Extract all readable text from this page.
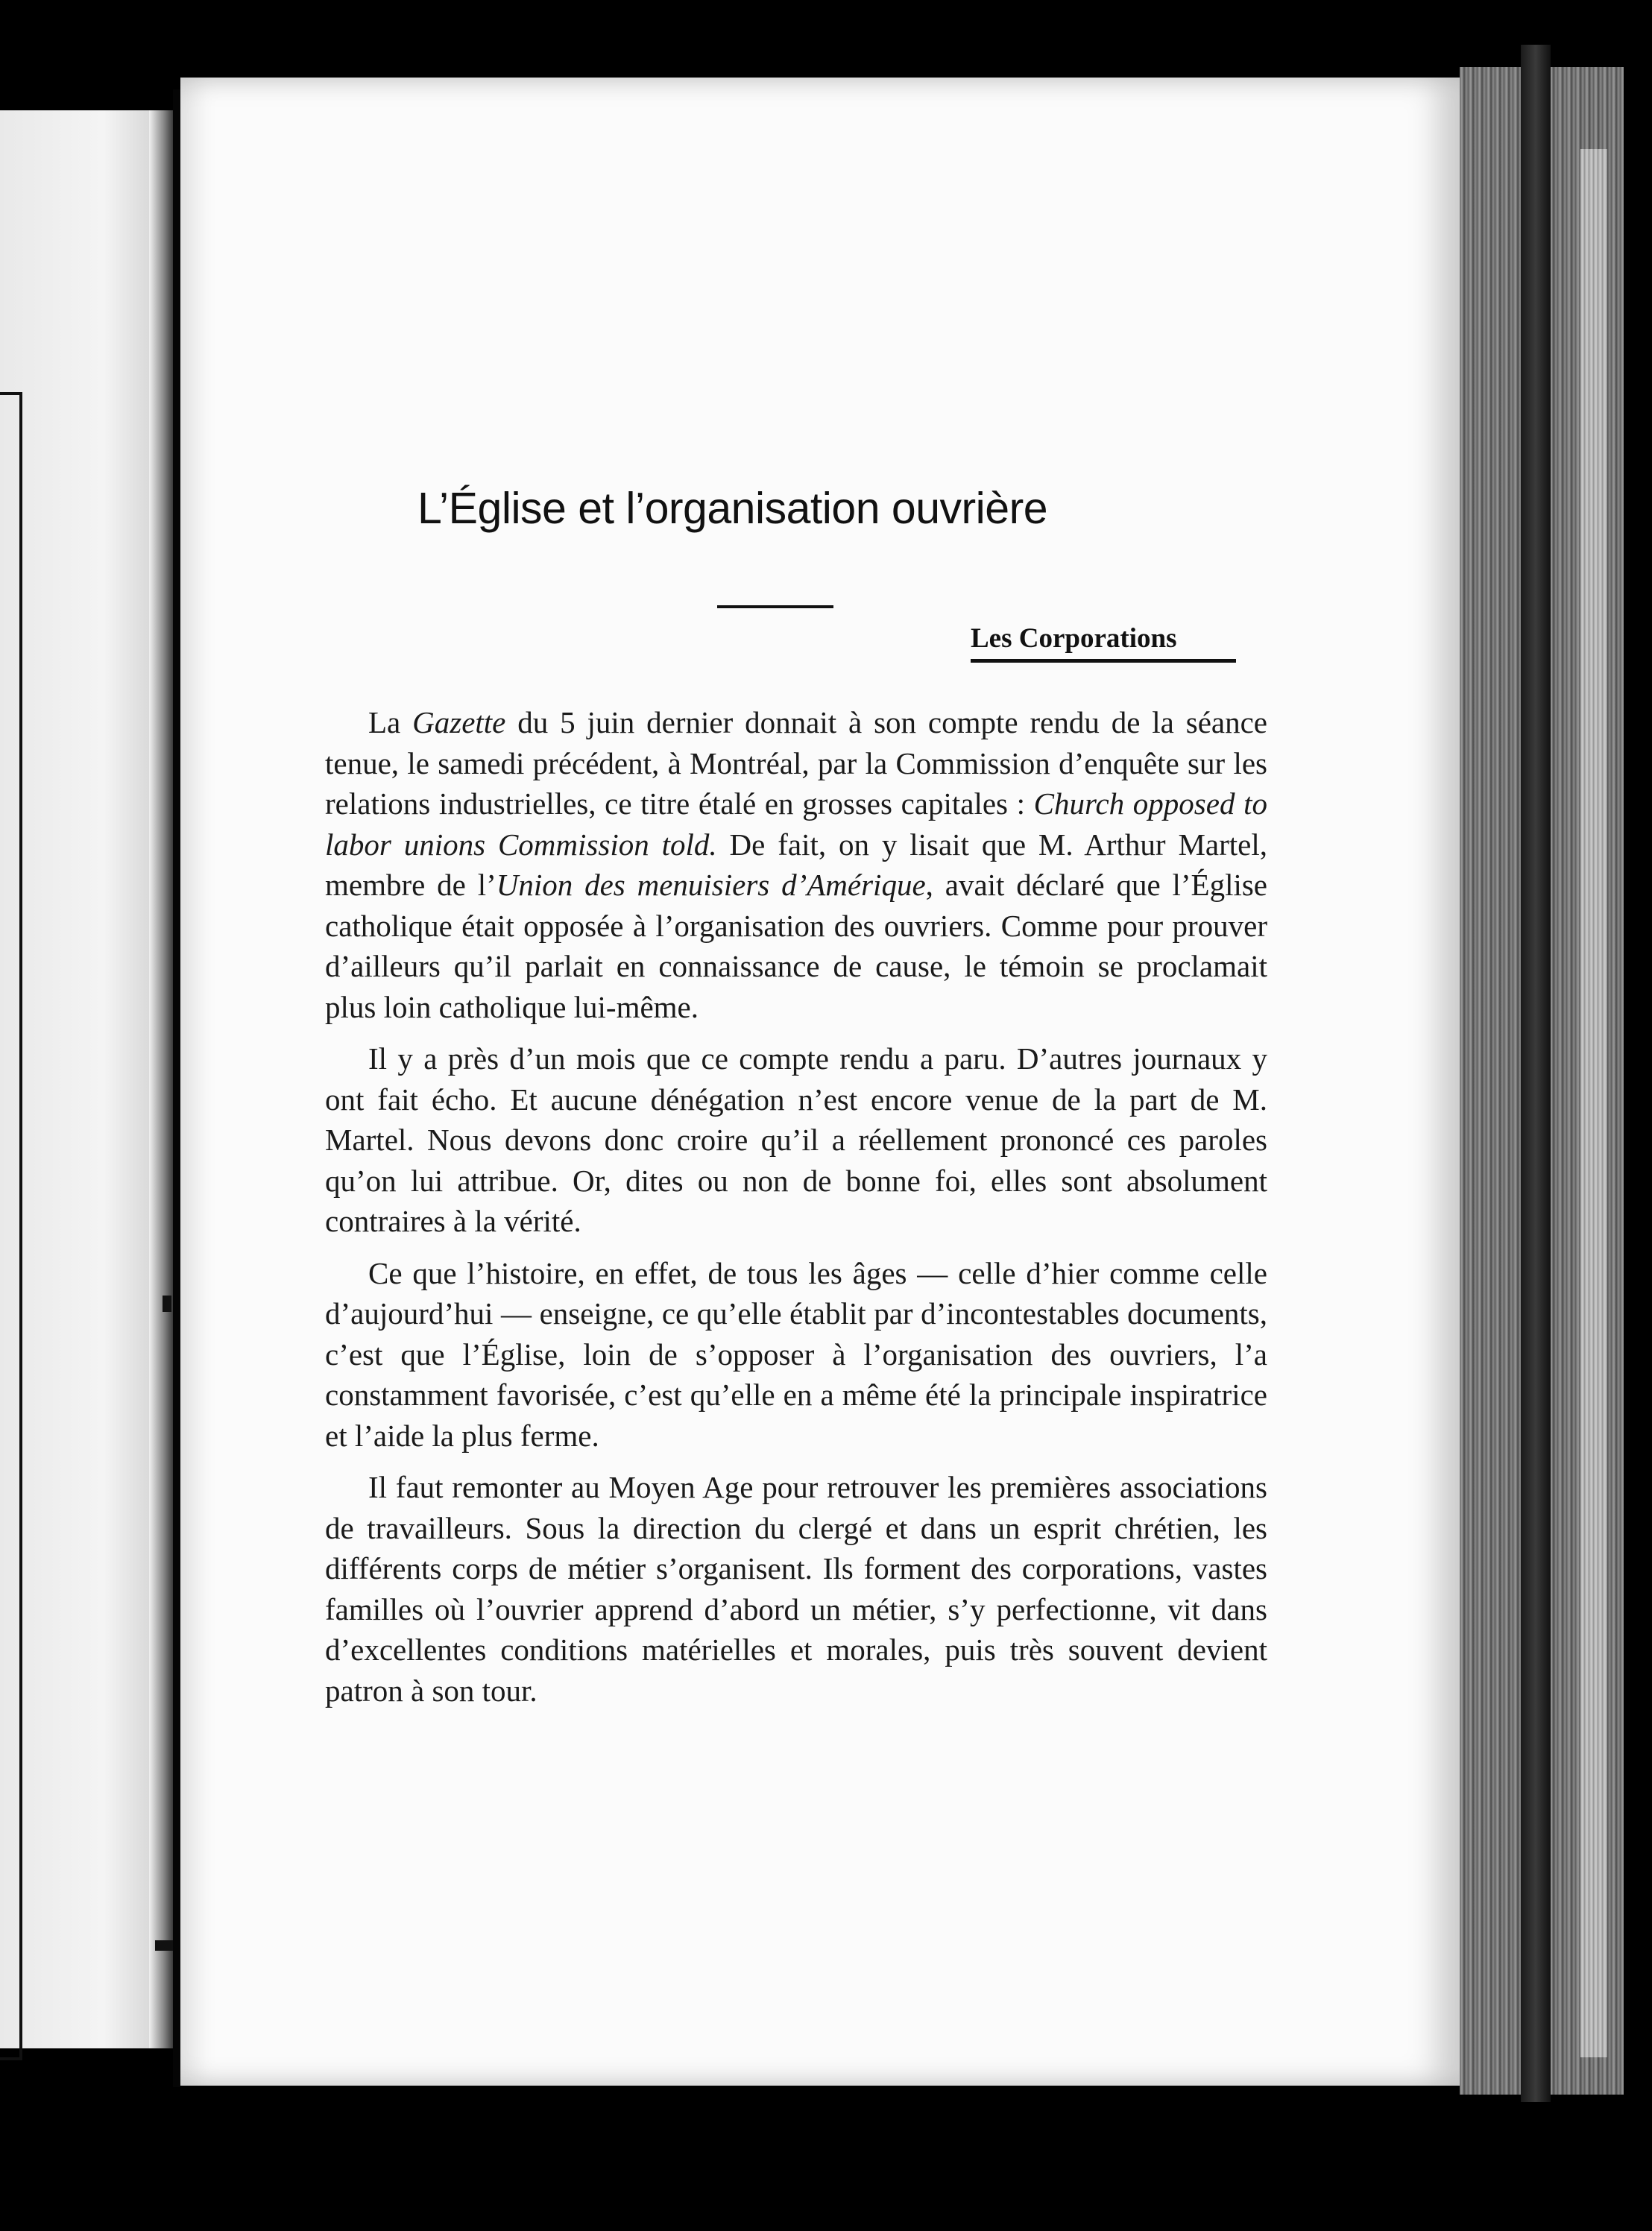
L’Église et l’organisation ouvrière
Les Corporations

La Gazette du 5 juin dernier donnait à son compte rendu de la séance tenue, le samedi précédent, à Montréal, par la Commission d’enquête sur les relations industrielles, ce titre étalé en grosses capitales : Church opposed to labor unions Commission told. De fait, on y lisait que M. Arthur Martel, membre de l’Union des menuisiers d’Amérique, avait déclaré que l’Église catholique était opposée à l’organisation des ouvriers. Comme pour prouver d’ailleurs qu’il parlait en connaissance de cause, le témoin se proclamait plus loin catholique lui-même.

Il y a près d’un mois que ce compte rendu a paru. D’autres journaux y ont fait écho. Et aucune dénégation n’est encore venue de la part de M. Martel. Nous devons donc croire qu’il a réellement prononcé ces paroles qu’on lui attribue. Or, dites ou non de bonne foi, elles sont absolument contraires à la vérité.

Ce que l’histoire, en effet, de tous les âges — celle d’hier comme celle d’aujourd’hui — enseigne, ce qu’elle établit par d’incontestables documents, c’est que l’Église, loin de s’opposer à l’organisation des ouvriers, l’a constamment favorisée, c’est qu’elle en a même été la principale inspiratrice et l’aide la plus ferme.

Il faut remonter au Moyen Age pour retrouver les premières associations de travailleurs. Sous la direction du clergé et dans un esprit chrétien, les différents corps de métier s’organisent. Ils forment des corporations, vastes familles où l’ouvrier apprend d’abord un métier, s’y perfectionne, vit dans d’excellentes conditions matérielles et morales, puis très souvent devient patron à son tour.
